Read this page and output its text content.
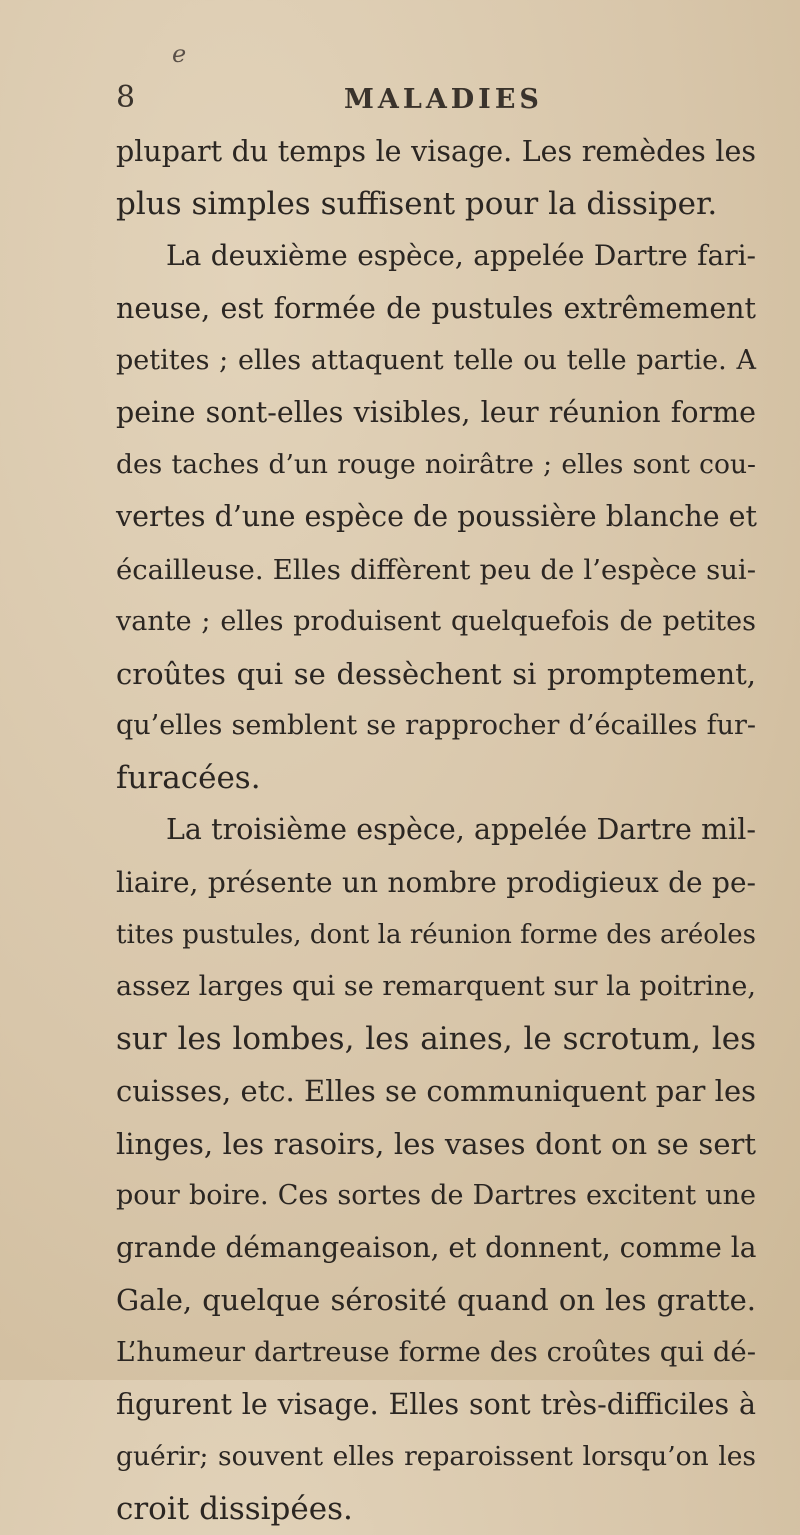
e
8	MALADIES
plupart du temps le visage. Les remèdes les
plus simples suffisent pour la dissiper.
La deuxième espèce, appelée Dartre fari-
neuse, est formée de pustules extrêmement
petites ; elles attaquent telle ou telle partie. A
peine sont-elles visibles, leur réunion forme
des taches d’un rouge noirâtre ; elles sont cou-
vertes d’une espèce de poussière blanche et
écailleuse. Elles diffèrent peu de l’espèce sui-
vante ; elles produisent quelquefois de petites
croûtes qui se dessèchent si promptement,
qu’elles semblent se rapprocher d’écailles fur-
furacées.
La troisième espèce, appelée Dartre mil-
liaire, présente un nombre prodigieux de pe-
tites pustules, dont la réunion forme des aréoles
assez larges qui se remarquent sur la poitrine,
sur les lombes, les aines, le scrotum, les
cuisses, etc. Elles se communiquent par les
linges, les rasoirs, les vases dont on se sert
pour boire. Ces sortes de Dartres excitent une
grande démangeaison, et donnent, comme la
Gale, quelque sérosité quand on les gratte.
L’humeur dartreuse forme des croûtes qui dé-
figurent le visage. Elles sont très-difficiles à
guérir; souvent elles reparoissent lorsqu’on les
croit dissipées.
